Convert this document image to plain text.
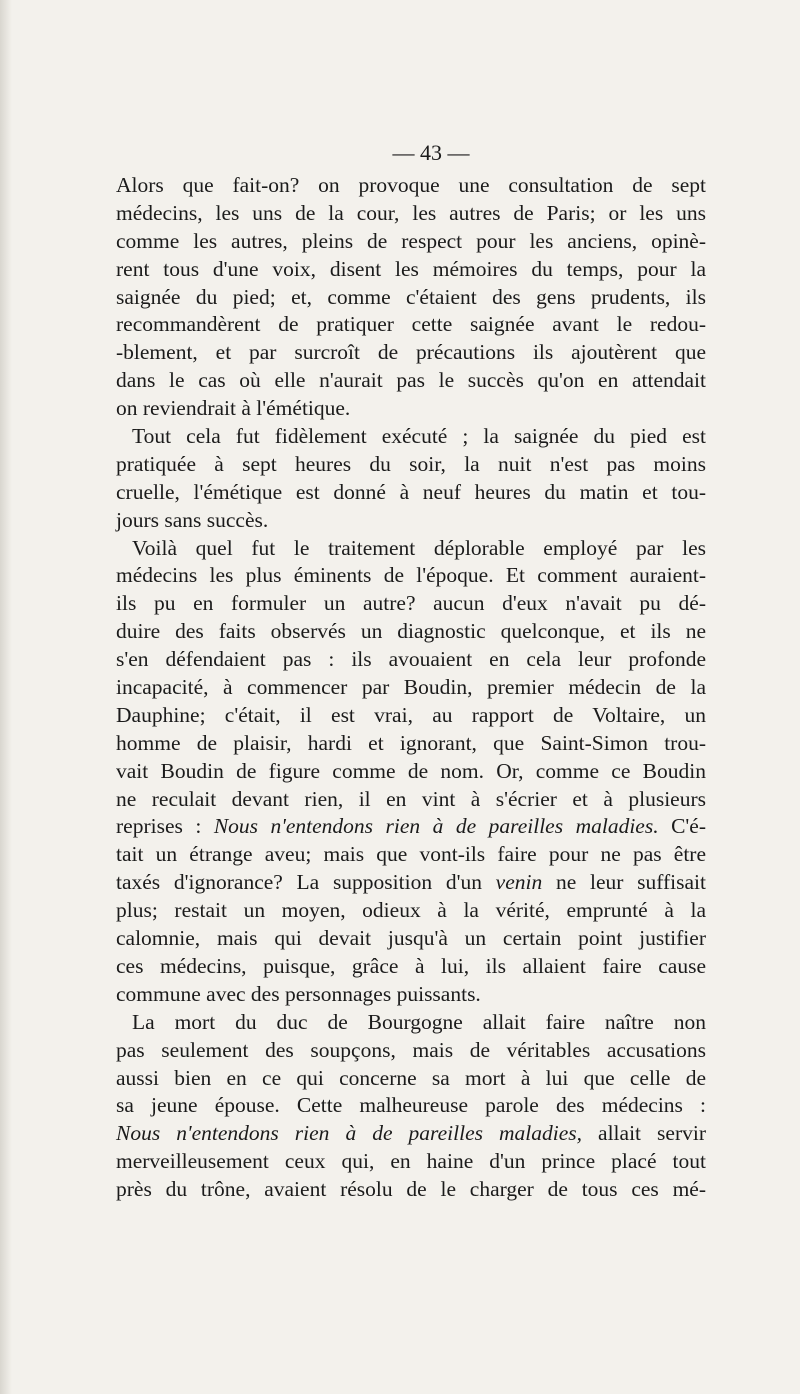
— 43 —
Alors que fait-on? on provoque une consultation de sept
médecins, les uns de la cour, les autres de Paris; or les uns
comme les autres, pleins de respect pour les anciens, opinè-
rent tous d'une voix, disent les mémoires du temps, pour la
saignée du pied; et, comme c'étaient des gens prudents, ils
recommandèrent de pratiquer cette saignée avant le redou-
-blement, et par surcroît de précautions ils ajoutèrent que
dans le cas où elle n'aurait pas le succès qu'on en attendait
on reviendrait à l'émétique.
Tout cela fut fidèlement exécuté ; la saignée du pied est
pratiquée à sept heures du soir, la nuit n'est pas moins
cruelle, l'émétique est donné à neuf heures du matin et tou-
jours sans succès.
Voilà quel fut le traitement déplorable employé par les
médecins les plus éminents de l'époque. Et comment auraient-
ils pu en formuler un autre? aucun d'eux n'avait pu dé-
duire des faits observés un diagnostic quelconque, et ils ne
s'en défendaient pas : ils avouaient en cela leur profonde
incapacité, à commencer par Boudin, premier médecin de la
Dauphine; c'était, il est vrai, au rapport de Voltaire, un
homme de plaisir, hardi et ignorant, que Saint-Simon trou-
vait Boudin de figure comme de nom. Or, comme ce Boudin
ne reculait devant rien, il en vint à s'écrier et à plusieurs
reprises : Nous n'entendons rien à de pareilles maladies. C'é-
tait un étrange aveu; mais que vont-ils faire pour ne pas être
taxés d'ignorance? La supposition d'un venin ne leur suffisait
plus; restait un moyen, odieux à la vérité, emprunté à la
calomnie, mais qui devait jusqu'à un certain point justifier
ces médecins, puisque, grâce à lui, ils allaient faire cause
commune avec des personnages puissants.
La mort du duc de Bourgogne allait faire naître non
pas seulement des soupçons, mais de véritables accusations
aussi bien en ce qui concerne sa mort à lui que celle de
sa jeune épouse. Cette malheureuse parole des médecins :
Nous n'entendons rien à de pareilles maladies, allait servir
merveilleusement ceux qui, en haine d'un prince placé tout
près du trône, avaient résolu de le charger de tous ces mé-
